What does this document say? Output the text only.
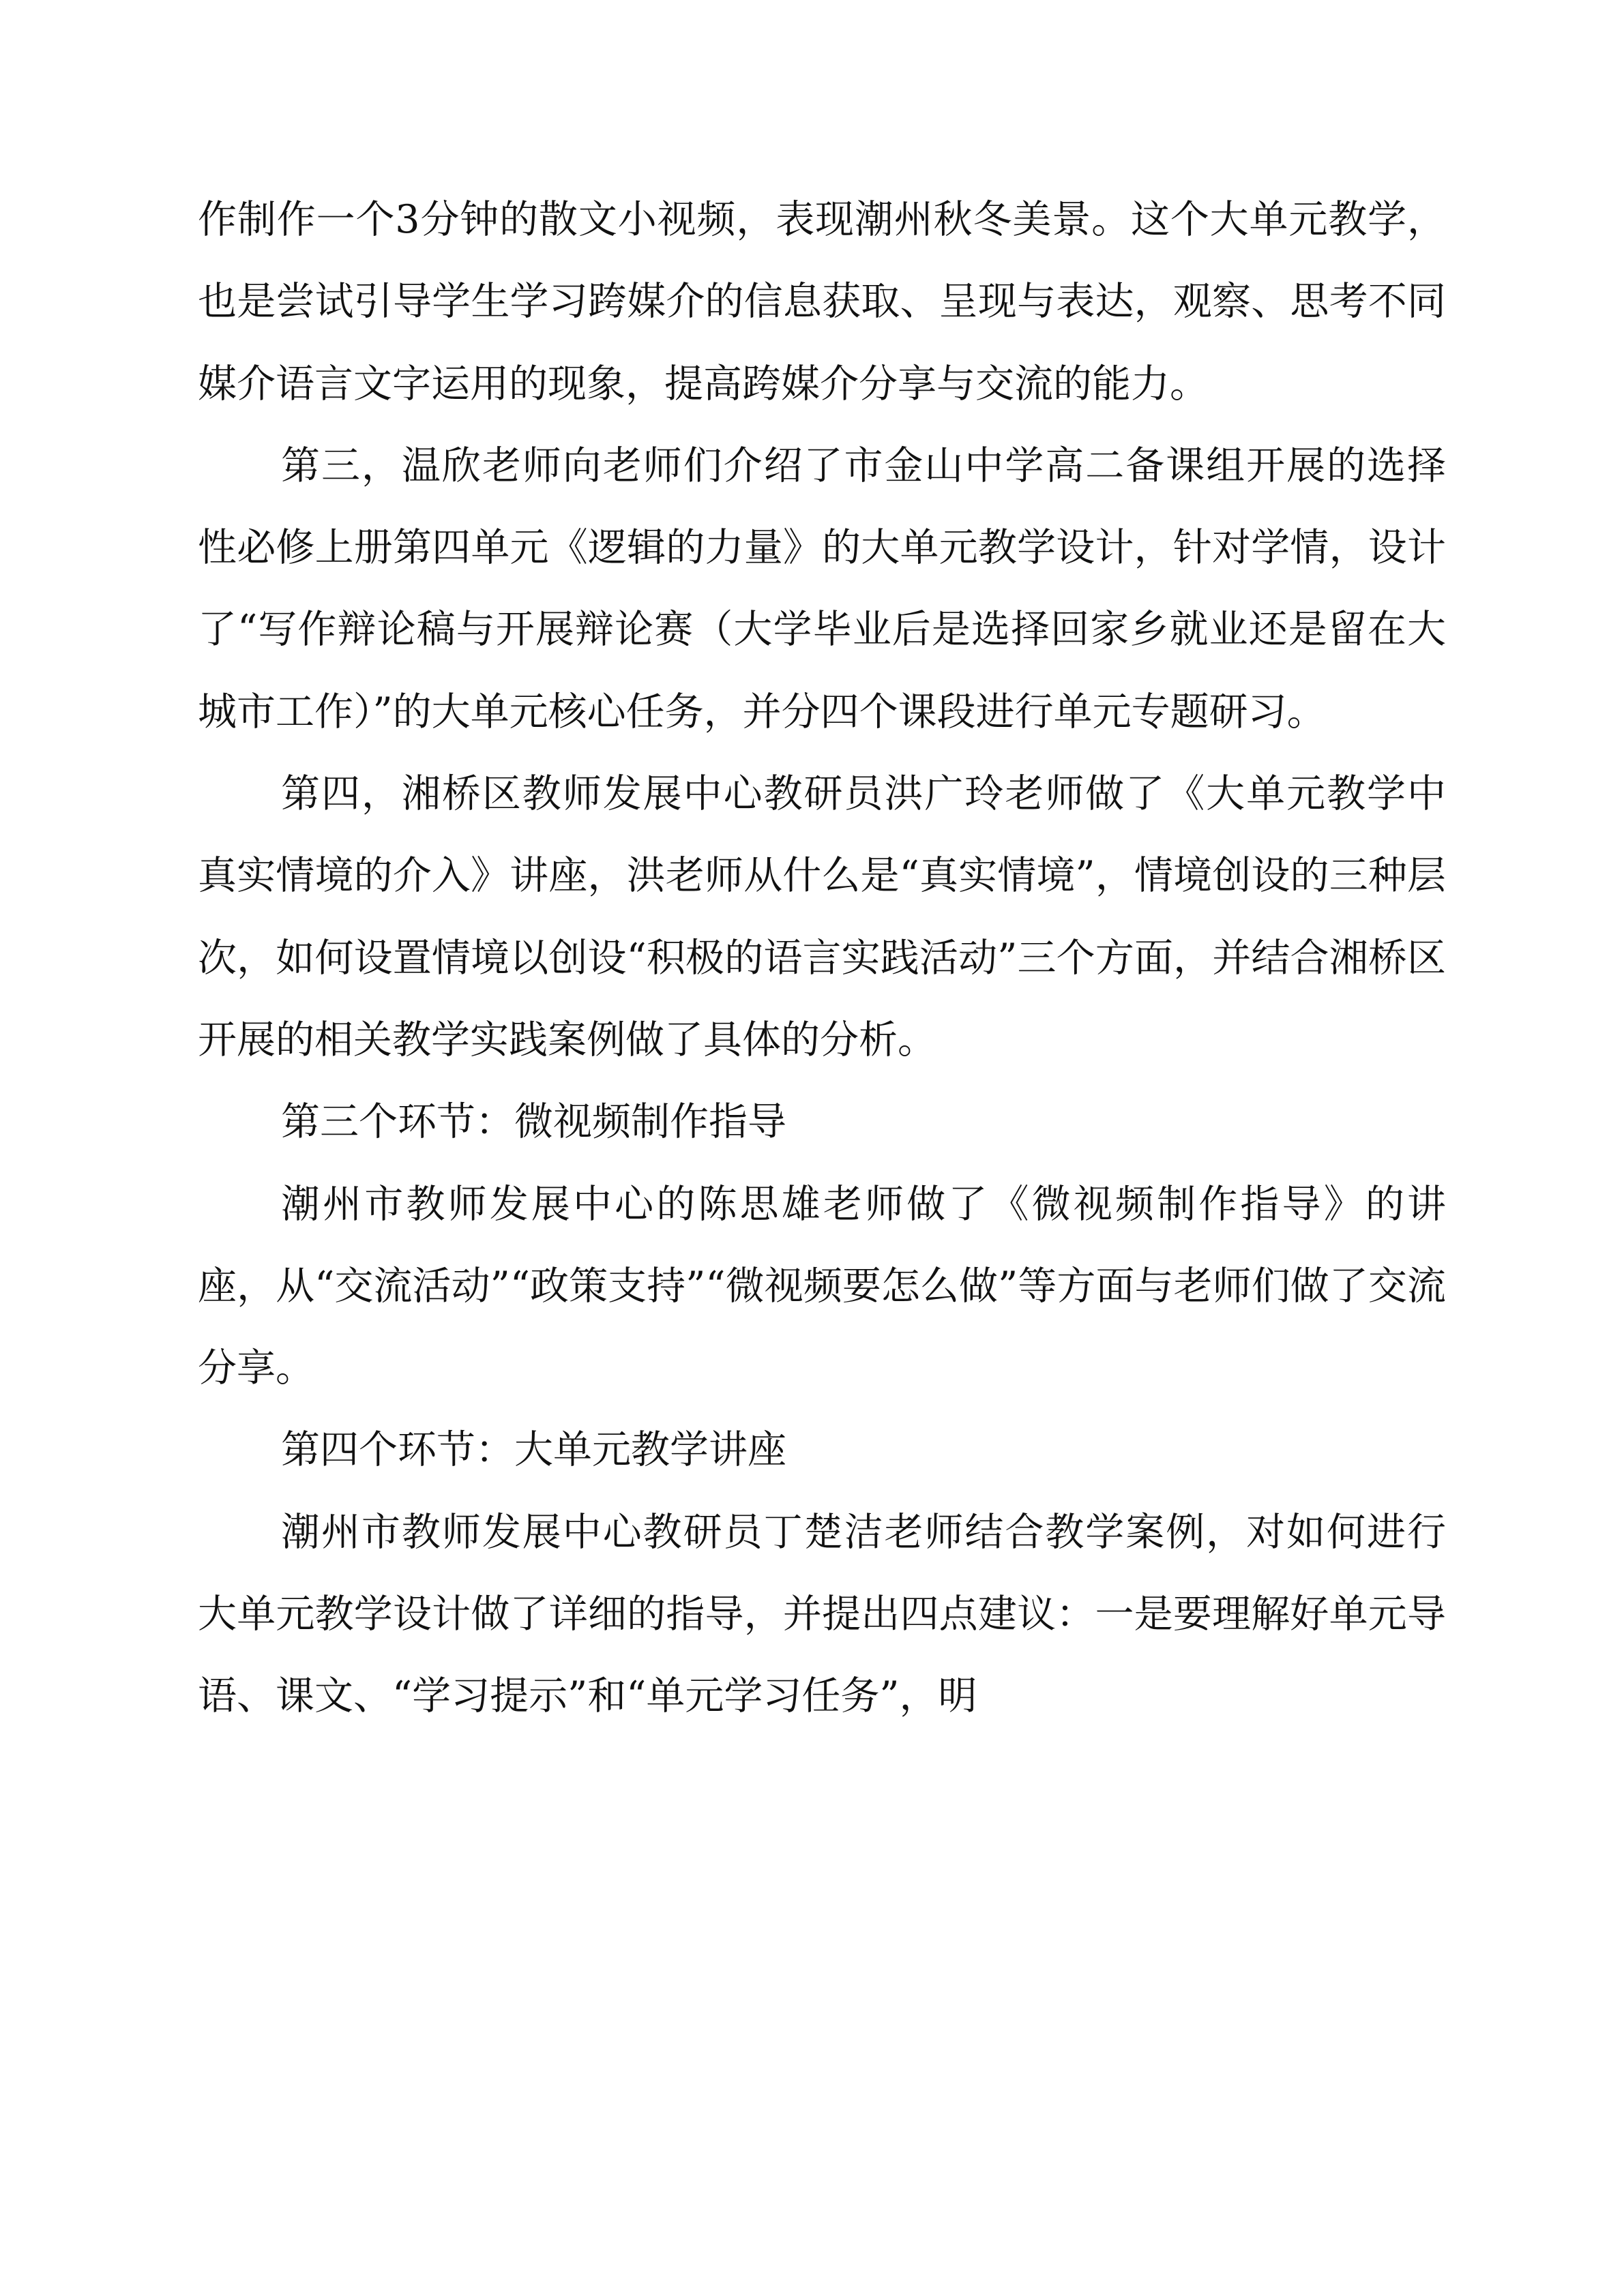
作制作一个3分钟的散文小视频，表现潮州秋冬美景。这个大单元教学，也是尝试引导学生学习跨媒介的信息获取、呈现与表达，观察、思考不同媒介语言文字运用的现象，提高跨媒介分享与交流的能力。

第三，温欣老师向老师们介绍了市金山中学高二备课组开展的选择性必修上册第四单元《逻辑的力量》的大单元教学设计，针对学情，设计了“写作辩论稿与开展辩论赛（大学毕业后是选择回家乡就业还是留在大城市工作）”的大单元核心任务，并分四个课段进行单元专题研习。

第四，湘桥区教师发展中心教研员洪广玲老师做了《大单元教学中真实情境的介入》讲座，洪老师从什么是“真实情境”，情境创设的三种层次，如何设置情境以创设“积极的语言实践活动”三个方面，并结合湘桥区开展的相关教学实践案例做了具体的分析。

第三个环节：微视频制作指导

潮州市教师发展中心的陈思雄老师做了《微视频制作指导》的讲座，从“交流活动”“政策支持”“微视频要怎么做”等方面与老师们做了交流分享。

第四个环节：大单元教学讲座

潮州市教师发展中心教研员丁楚洁老师结合教学案例，对如何进行大单元教学设计做了详细的指导，并提出四点建议：一是要理解好单元导语、课文、“学习提示”和“单元学习任务”，明
